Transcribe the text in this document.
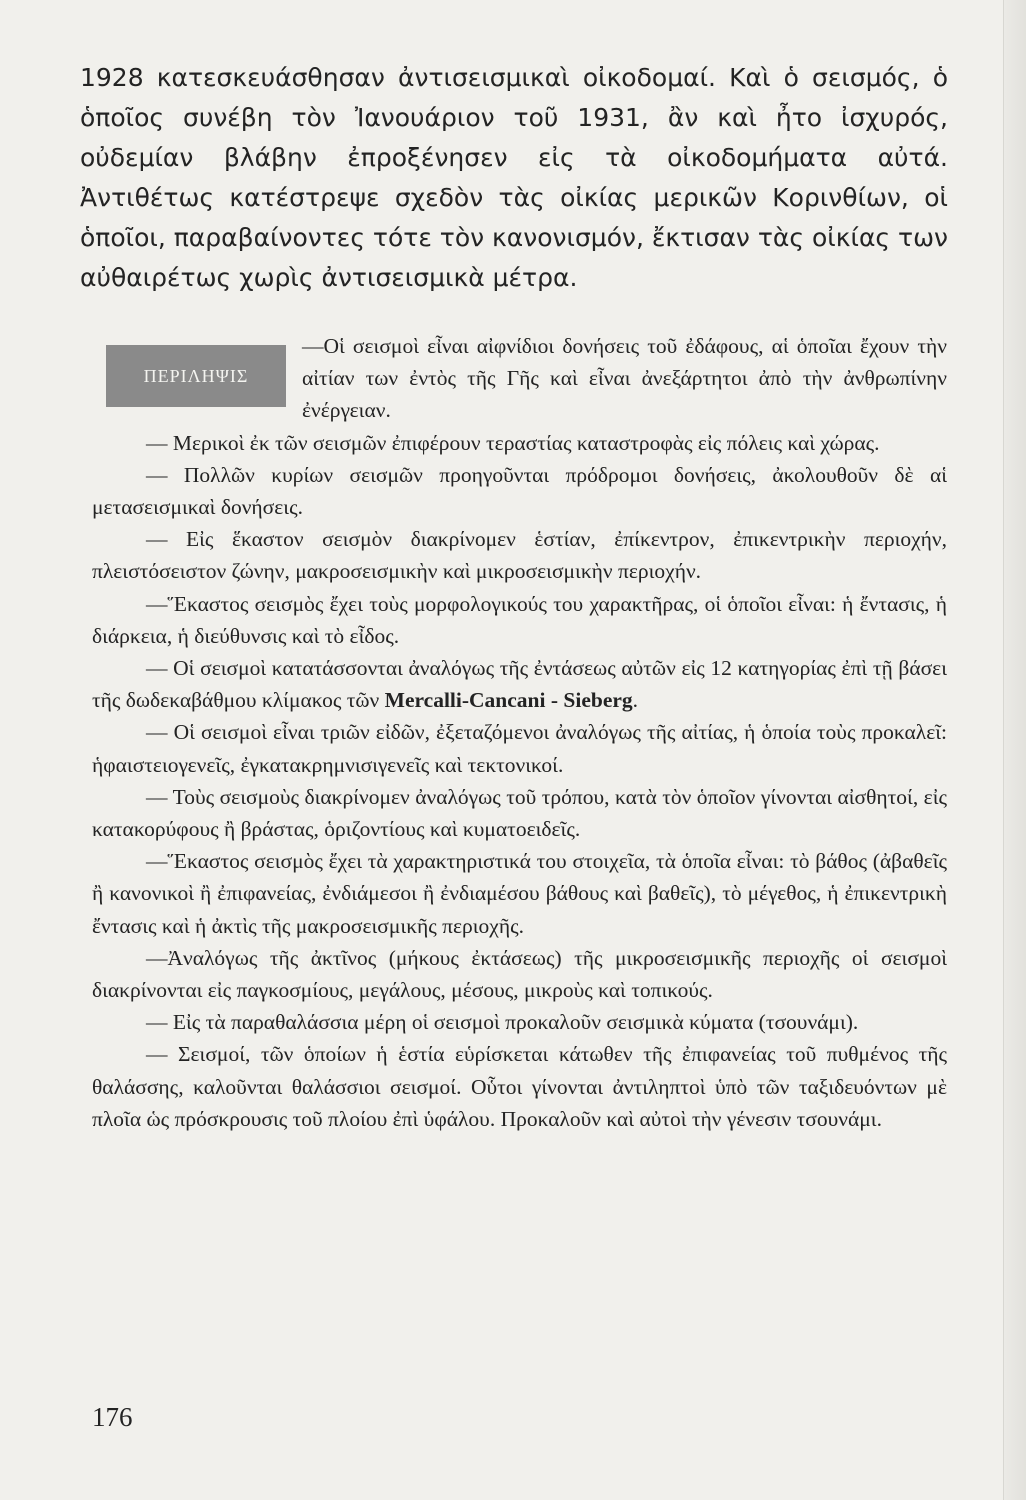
1928 κατεσκευάσθησαν ἀντισεισμικαὶ οἰκοδομαί. Καὶ ὁ σεισμός, ὁ ὁποῖος συνέβη τὸν Ἰανουάριον τοῦ 1931, ἂν καὶ ἦτο ἰσχυρός, οὐδεμίαν βλάβην ἐπροξένησεν εἰς τὰ οἰκοδομήματα αὐτά. Ἀντιθέτως κατέστρεψε σχεδὸν τὰς οἰκίας μερικῶν Κορινθίων, οἱ ὁποῖοι, παραβαίνοντες τότε τὸν κανονισμόν, ἔκτισαν τὰς οἰκίας των αὐθαιρέτως χωρὶς ἀντισεισμικὰ μέτρα.

ΠΕΡΙΛΗΨΙΣ

—Οἱ σεισμοὶ εἶναι αἰφνίδιοι δονήσεις τοῦ ἐδάφους, αἱ ὁποῖαι ἔχουν τὴν αἰτίαν των ἐντὸς τῆς Γῆς καὶ εἶναι ἀνεξάρτητοι ἀπὸ τὴν ἀνθρωπίνην ἐνέργειαν.

— Μερικοὶ ἐκ τῶν σεισμῶν ἐπιφέρουν τεραστίας καταστροφὰς εἰς πόλεις καὶ χώρας.

— Πολλῶν κυρίων σεισμῶν προηγοῦνται πρόδρομοι δονήσεις, ἀκολουθοῦν δὲ αἱ μετασεισμικαὶ δονήσεις.

— Εἰς ἕκαστον σεισμὸν διακρίνομεν ἑστίαν, ἐπίκεντρον, ἐπικεντρικὴν περιοχήν, πλειστόσειστον ζώνην, μακροσεισμικὴν καὶ μικροσεισμικὴν περιοχήν.

—Ἕκαστος σεισμὸς ἔχει τοὺς μορφολογικούς του χαρακτῆρας, οἱ ὁποῖοι εἶναι: ἡ ἔντασις, ἡ διάρκεια, ἡ διεύθυνσις καὶ τὸ εἶδος.

— Οἱ σεισμοὶ κατατάσσονται ἀναλόγως τῆς ἐντάσεως αὐτῶν εἰς 12 κατηγορίας ἐπὶ τῇ βάσει τῆς δωδεκαβάθμου κλίμακος τῶν Mercalli-Cancani - Sieberg.

— Οἱ σεισμοὶ εἶναι τριῶν εἰδῶν, ἐξεταζόμενοι ἀναλόγως τῆς αἰτίας, ἡ ὁποία τοὺς προκαλεῖ: ἡφαιστειογενεῖς, ἐγκατακρημνισιγενεῖς καὶ τεκτονικοί.

— Τοὺς σεισμοὺς διακρίνομεν ἀναλόγως τοῦ τρόπου, κατὰ τὸν ὁποῖον γίνονται αἰσθητοί, εἰς κατακορύφους ἢ βράστας, ὁριζοντίους καὶ κυματοειδεῖς.

—Ἕκαστος σεισμὸς ἔχει τὰ χαρακτηριστικά του στοιχεῖα, τὰ ὁποῖα εἶναι: τὸ βάθος (ἀβαθεῖς ἢ κανονικοὶ ἢ ἐπιφανείας, ἐνδιάμεσοι ἢ ἐνδιαμέσου βάθους καὶ βαθεῖς), τὸ μέγεθος, ἡ ἐπικεντρικὴ ἔντασις καὶ ἡ ἀκτὶς τῆς μακροσεισμικῆς περιοχῆς.

—Ἀναλόγως τῆς ἀκτῖνος (μήκους ἐκτάσεως) τῆς μικροσεισμικῆς περιοχῆς οἱ σεισμοὶ διακρίνονται εἰς παγκοσμίους, μεγάλους, μέσους, μικροὺς καὶ τοπικούς.

— Εἰς τὰ παραθαλάσσια μέρη οἱ σεισμοὶ προκαλοῦν σεισμικὰ κύματα (τσουνάμι).

— Σεισμοί, τῶν ὁποίων ἡ ἑστία εὑρίσκεται κάτωθεν τῆς ἐπιφανείας τοῦ πυθμένος τῆς θαλάσσης, καλοῦνται θαλάσσιοι σεισμοί. Οὗτοι γίνονται ἀντιληπτοὶ ὑπὸ τῶν ταξιδευόντων μὲ πλοῖα ὡς πρόσκρουσις τοῦ πλοίου ἐπὶ ὑφάλου. Προκαλοῦν καὶ αὐτοὶ τὴν γένεσιν τσουνάμι.

176
